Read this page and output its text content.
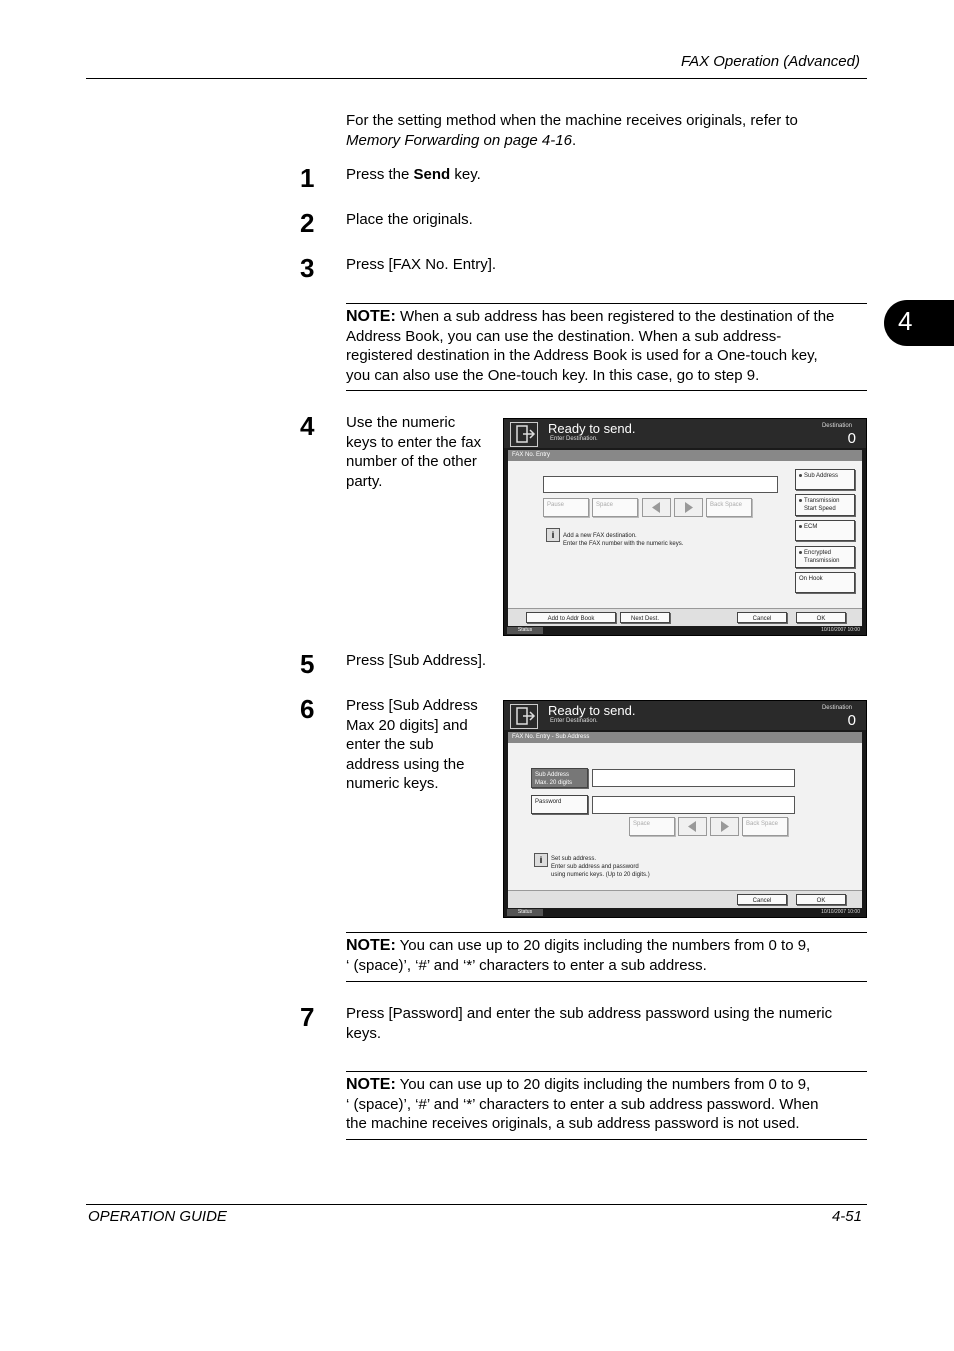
FAX Operation (Advanced)
4
For the setting method when the machine receives originals, refer to Memory Forwarding on page 4-16.
1 Press the Send key.
2 Place the originals.
3 Press [FAX No. Entry].
NOTE: When a sub address has been registered to the destination of the
Address Book, you can use the destination. When a sub address-
registered destination in the Address Book is used for a One-touch key,
you can also use the One-touch key. In this case, go to step 9.
4 Use the numeric
keys to enter the fax
number of the other
party.
Ready to send.
Enter Destination.
Destination
0
FAX No. Entry
Pause	Space	Back Space
i	Add a new FAX destination.
Enter the FAX number with the numeric keys.
Sub Address
Transmission
Start Speed
ECM
Encrypted
Transmission
On Hook
Add to Addr Book	Next Dest.	Cancel	OK
Status	10/10/2007 10:00
5 Press [Sub Address].
6 Press [Sub Address
Max 20 digits] and
enter the sub
address using the
numeric keys.
Ready to send.
Enter Destination.
Destination
0
FAX No. Entry - Sub Address
Sub Address
Max. 20 digits
Password
Space	Back Space
i	Set sub address.
Enter sub address and password
using numeric keys. (Up to 20 digits.)
Cancel	OK
Status	10/10/2007 10:00
NOTE: You can use up to 20 digits including the numbers from 0 to 9,
‘ (space)’, ‘#’ and ‘*’ characters to enter a sub address.
7 Press [Password] and enter the sub address password using the numeric
keys.
NOTE: You can use up to 20 digits including the numbers from 0 to 9,
‘ (space)’, ‘#’ and ‘*’ characters to enter a sub address password. When
the machine receives originals, a sub address password is not used.
OPERATION GUIDE	4-51
